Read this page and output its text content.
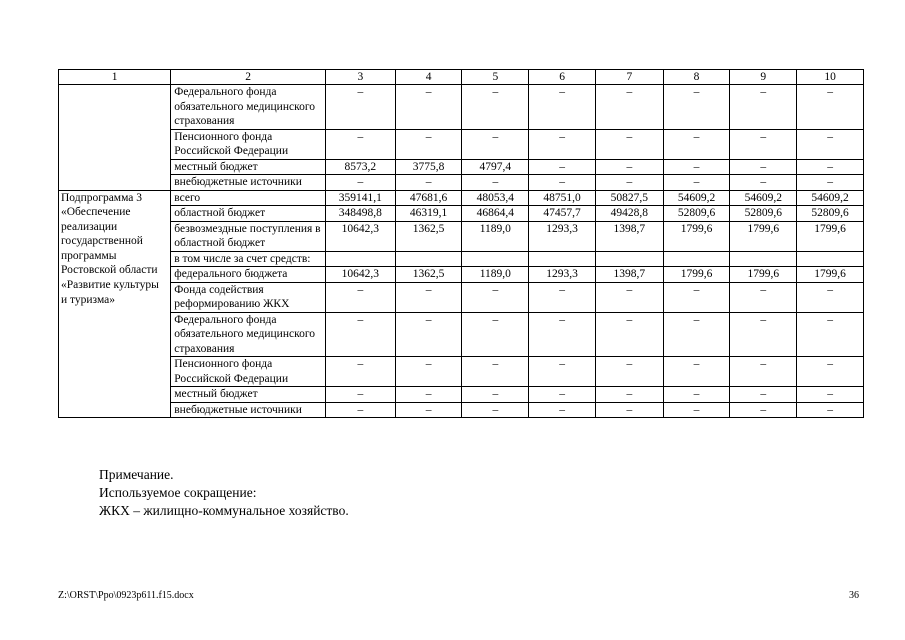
1	2	3	4	5	6	7	8	9	10
	Федерального фонда обязательного медицинского страхования	–	–	–	–	–	–	–	–
	Пенсионного фонда Российской Федерации	–	–	–	–	–	–	–	–
	местный бюджет	8573,2	3775,8	4797,4	–	–	–	–	–
	внебюджетные источники	–	–	–	–	–	–	–	–
Подпрограмма 3 «Обеспечение реализации государственной программы Ростовской области «Развитие культуры и туризма»	всего	359141,1	47681,6	48053,4	48751,0	50827,5	54609,2	54609,2	54609,2
	областной бюджет	348498,8	46319,1	46864,4	47457,7	49428,8	52809,6	52809,6	52809,6
	безвозмездные поступления в областной бюджет	10642,3	1362,5	1189,0	1293,3	1398,7	1799,6	1799,6	1799,6
	в том числе за счет средств:								
	федерального бюджета	10642,3	1362,5	1189,0	1293,3	1398,7	1799,6	1799,6	1799,6
	Фонда содействия реформированию ЖКХ	–	–	–	–	–	–	–	–
	Федерального фонда обязательного медицинского страхования	–	–	–	–	–	–	–	–
	Пенсионного фонда Российской Федерации	–	–	–	–	–	–	–	–
	местный бюджет	–	–	–	–	–	–	–	–
	внебюджетные источники	–	–	–	–	–	–	–	–
Примечание.
Используемое сокращение:
ЖКХ – жилищно-коммунальное хозяйство.
Z:\ORST\Ppo\0923p611.f15.docx	36
